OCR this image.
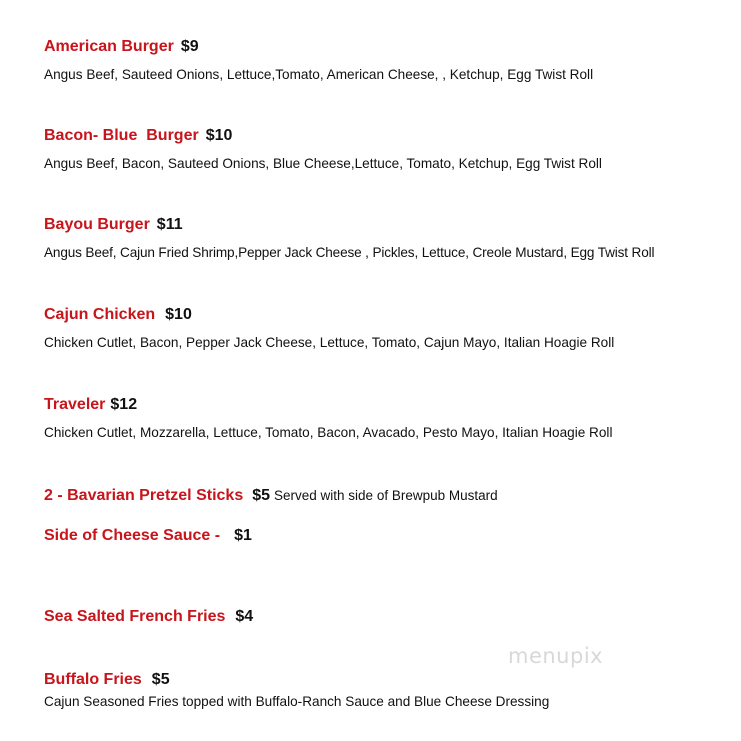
American Burger $9
Angus Beef, Sauteed Onions, Lettuce,Tomato, American Cheese, , Ketchup, Egg Twist Roll
Bacon- Blue  Burger $10
Angus Beef, Bacon, Sauteed Onions, Blue Cheese,Lettuce, Tomato, Ketchup, Egg Twist Roll
Bayou Burger $11
Angus Beef, Cajun Fried Shrimp,Pepper Jack Cheese , Pickles, Lettuce, Creole Mustard, Egg Twist Roll
Cajun Chicken $10
Chicken Cutlet, Bacon, Pepper Jack Cheese, Lettuce, Tomato, Cajun Mayo, Italian Hoagie Roll
Traveler $12
Chicken Cutlet, Mozzarella, Lettuce, Tomato, Bacon, Avacado, Pesto Mayo, Italian Hoagie Roll
2 - Bavarian Pretzel Sticks $5 Served with side of Brewpub Mustard
Side of Cheese Sauce - $1
Sea Salted French Fries $4
Buffalo Fries $5
Cajun Seasoned Fries topped with Buffalo-Ranch Sauce and Blue Cheese Dressing
menupix
